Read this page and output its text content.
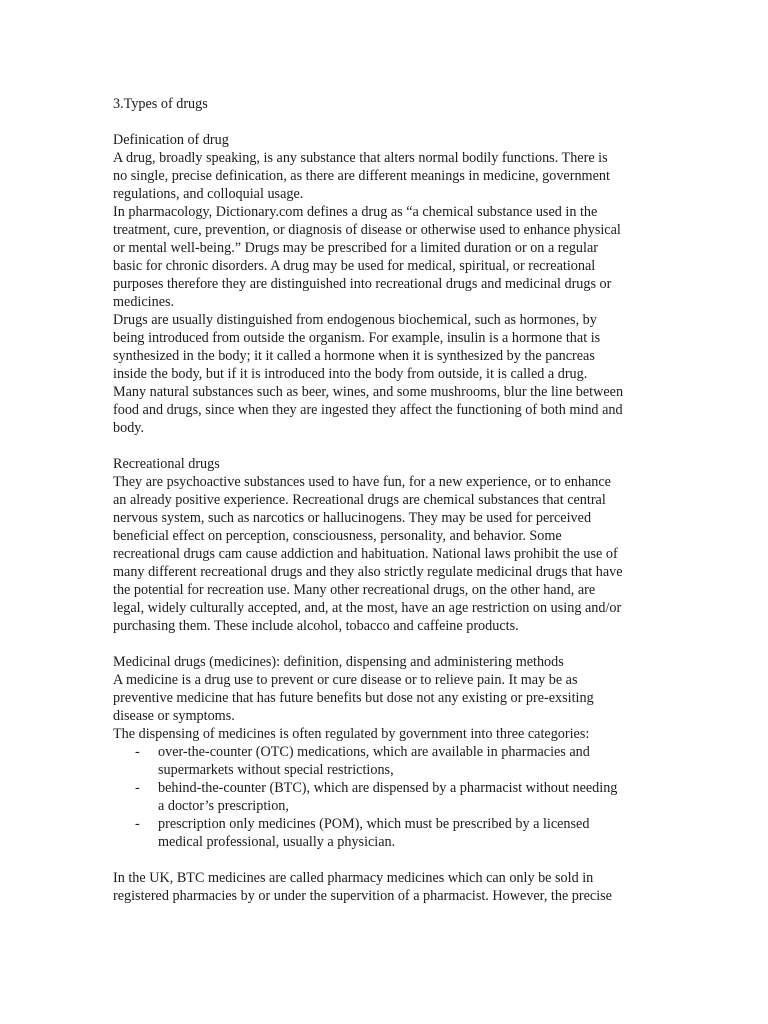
3.Types of drugs

Definication of drug

A drug, broadly speaking, is any substance that alters normal bodily functions. There is

no single, precise definication, as there are different meanings in medicine, government

regulations, and colloquial usage.

In pharmacology, Dictionary.com defines a drug as “a chemical substance used in the

treatment, cure, prevention, or diagnosis of disease or otherwise used to enhance physical

or mental well-being.” Drugs may be prescribed for a limited duration or on a regular

basic for chronic disorders. A drug may be used for medical, spiritual, or recreational

purposes therefore they are distinguished into recreational drugs and medicinal drugs or

medicines.

Drugs are usually distinguished from endogenous biochemical, such as hormones, by

being introduced from outside the organism. For example, insulin is a hormone that is

synthesized in the body; it it called a hormone when it is synthesized by the pancreas

inside the body, but if it is introduced into the body from outside, it is called a drug.

Many natural substances such as beer, wines, and some mushrooms, blur the line between

food and drugs, since when they are ingested they affect the functioning of both mind and

body.

Recreational drugs

They are psychoactive substances used to have fun, for a new experience, or to enhance

an already positive experience. Recreational drugs are chemical substances that central

nervous system, such as narcotics or hallucinogens. They may be used for perceived

beneficial effect on perception, consciousness, personality, and behavior. Some

recreational drugs cam cause addiction and habituation. National laws prohibit the use of

many different recreational drugs and they also strictly regulate medicinal drugs that have

the potential for recreation use. Many other recreational drugs, on the other hand, are

legal, widely culturally accepted, and, at the most, have an age restriction on using and/or

purchasing them. These include alcohol, tobacco and caffeine products.

Medicinal drugs (medicines): definition, dispensing and administering methods

A medicine is a drug use to prevent or cure disease or to relieve pain. It may be as

preventive medicine that has future benefits but dose not any existing or pre-exsiting

disease or symptoms.

The dispensing of medicines is often regulated by government into three categories:

- over-the-counter (OTC) medications, which are available in pharmacies and

supermarkets without special restrictions,

- behind-the-counter (BTC), which are dispensed by a pharmacist without needing

a doctor’s prescription,

- prescription only medicines (POM), which must be prescribed by a licensed

medical professional, usually a physician.

In the UK, BTC medicines are called pharmacy medicines which can only be sold in

registered pharmacies by or under the supervition of a pharmacist. However, the precise
